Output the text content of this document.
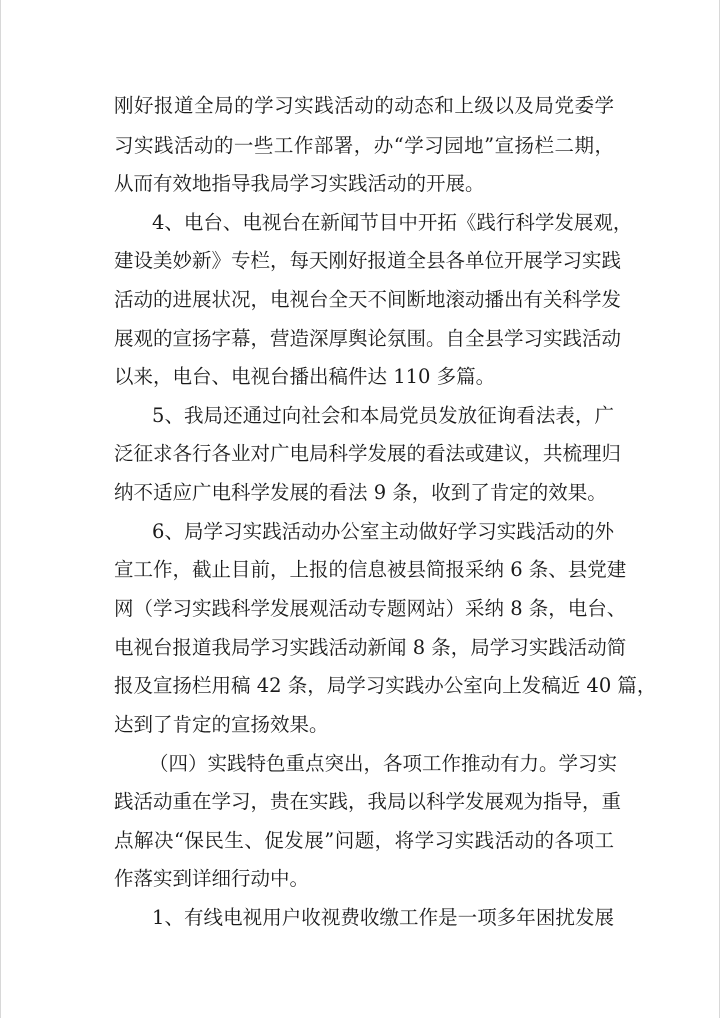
刚好报道全局的学习实践活动的动态和上级以及局党委学
习实践活动的一些工作部署，办“学习园地”宣扬栏二期，
从而有效地指导我局学习实践活动的开展。
4、电台、电视台在新闻节目中开拓《践行科学发展观，
建设美妙新》专栏，每天刚好报道全县各单位开展学习实践
活动的进展状况，电视台全天不间断地滚动播出有关科学发
展观的宣扬字幕，营造深厚舆论氛围。自全县学习实践活动
以来，电台、电视台播出稿件达 110 多篇。
5、我局还通过向社会和本局党员发放征询看法表，广
泛征求各行各业对广电局科学发展的看法或建议，共梳理归
纳不适应广电科学发展的看法 9 条，收到了肯定的效果。
6、局学习实践活动办公室主动做好学习实践活动的外
宣工作，截止目前，上报的信息被县简报采纳 6 条、县党建
网（学习实践科学发展观活动专题网站）采纳 8 条，电台、
电视台报道我局学习实践活动新闻 8 条，局学习实践活动简
报及宣扬栏用稿 42 条，局学习实践办公室向上发稿近 40 篇，
达到了肯定的宣扬效果。
（四）实践特色重点突出，各项工作推动有力。学习实
践活动重在学习，贵在实践，我局以科学发展观为指导，重
点解决“保民生、促发展”问题，将学习实践活动的各项工
作落实到详细行动中。
1、有线电视用户收视费收缴工作是一项多年困扰发展
